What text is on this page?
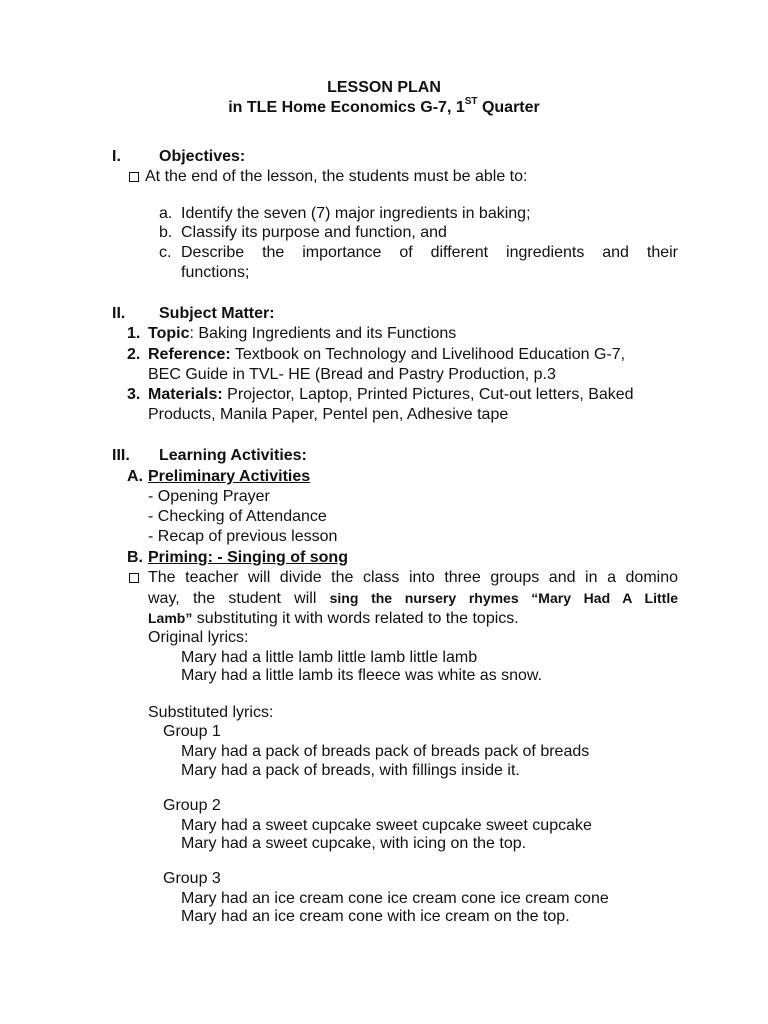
LESSON PLAN
in TLE Home Economics G-7, 1ST Quarter
I. Objectives:
At the end of the lesson, the students must be able to:
a. Identify the seven (7) major ingredients in baking;
b. Classify its purpose and function, and
c. Describe the importance of different ingredients and their
functions;
II. Subject Matter:
1. Topic: Baking Ingredients and its Functions
2. Reference: Textbook on Technology and Livelihood Education G-7,
BEC Guide in TVL- HE (Bread and Pastry Production, p.3
3. Materials: Projector, Laptop, Printed Pictures, Cut-out letters, Baked
Products, Manila Paper, Pentel pen, Adhesive tape
III. Learning Activities:
A. Preliminary Activities
- Opening Prayer
- Checking of Attendance
- Recap of previous lesson
B. Priming: - Singing of song
The teacher will divide the class into three groups and in a domino
way, the student will sing the nursery rhymes “Mary Had A Little
Lamb” substituting it with words related to the topics.
Original lyrics:
Mary had a little lamb little lamb little lamb
Mary had a little lamb its fleece was white as snow.
Substituted lyrics:
Group 1
Mary had a pack of breads pack of breads pack of breads
Mary had a pack of breads, with fillings inside it.
Group 2
Mary had a sweet cupcake sweet cupcake sweet cupcake
Mary had a sweet cupcake, with icing on the top.
Group 3
Mary had an ice cream cone ice cream cone ice cream cone
Mary had an ice cream cone with ice cream on the top.
